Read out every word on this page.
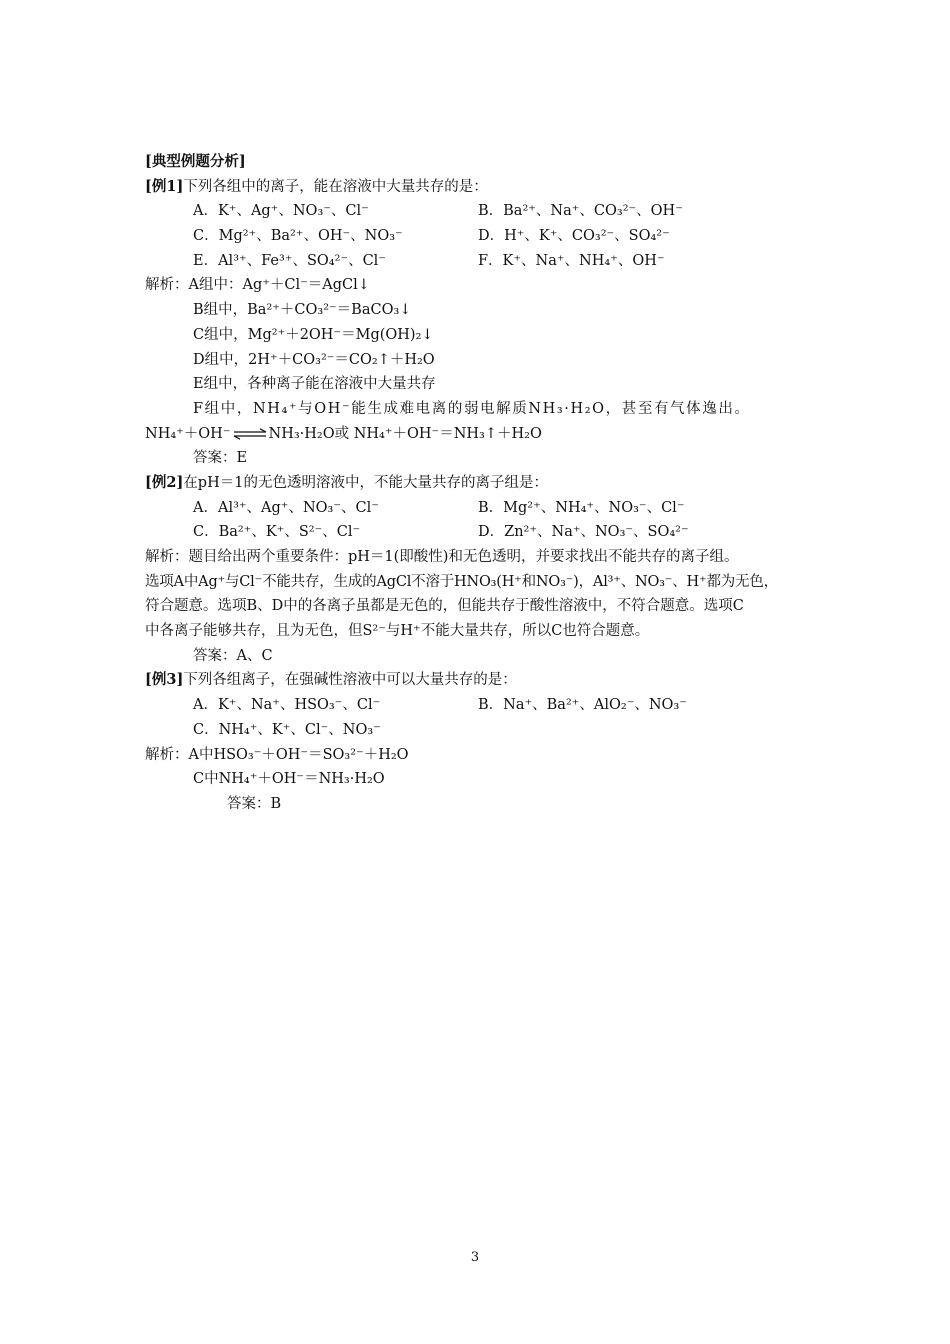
[典型例题分析]
[例1]下列各组中的离子，能在溶液中大量共存的是：
A．K⁺、Ag⁺、NO₃⁻、Cl⁻	B．Ba²⁺、Na⁺、CO₃²⁻、OH⁻
C．Mg²⁺、Ba²⁺、OH⁻、NO₃⁻	D．H⁺、K⁺、CO₃²⁻、SO₄²⁻
E．Al³⁺、Fe³⁺、SO₄²⁻、Cl⁻	F．K⁺、Na⁺、NH₄⁺、OH⁻
解析：A组中：Ag⁺＋Cl⁻＝AgCl↓
B组中，Ba²⁺＋CO₃²⁻＝BaCO₃↓
C组中，Mg²⁺＋2OH⁻＝Mg(OH)₂↓
D组中，2H⁺＋CO₃²⁻＝CO₂↑＋H₂O
E组中，各种离子能在溶液中大量共存
F组中，NH₄⁺与OH⁻能生成难电离的弱电解质NH₃·H₂O，甚至有气体逸出。
NH₄⁺＋OH⁻⇌NH₃·H₂O或 NH₄⁺＋OH⁻＝NH₃↑＋H₂O
答案：E
[例2]在pH＝1的无色透明溶液中，不能大量共存的离子组是：
A．Al³⁺、Ag⁺、NO₃⁻、Cl⁻	B．Mg²⁺、NH₄⁺、NO₃⁻、Cl⁻
C．Ba²⁺、K⁺、S²⁻、Cl⁻	D．Zn²⁺、Na⁺、NO₃⁻、SO₄²⁻
解析：题目给出两个重要条件：pH＝1(即酸性)和无色透明，并要求找出不能共存的离子组。
选项A中Ag⁺与Cl⁻不能共存，生成的AgCl不溶于HNO₃(H⁺和NO₃⁻)，Al³⁺、NO₃⁻、H⁺都为无色，
符合题意。选项B、D中的各离子虽都是无色的，但能共存于酸性溶液中，不符合题意。选项C
中各离子能够共存，且为无色，但S²⁻与H⁺不能大量共存，所以C也符合题意。
答案：A、C
[例3]下列各组离子，在强碱性溶液中可以大量共存的是：
A．K⁺、Na⁺、HSO₃⁻、Cl⁻	B．Na⁺、Ba²⁺、AlO₂⁻、NO₃⁻
C．NH₄⁺、K⁺、Cl⁻、NO₃⁻
解析：A中HSO₃⁻＋OH⁻＝SO₃²⁻＋H₂O
C中NH₄⁺＋OH⁻＝NH₃·H₂O
答案：B
3
